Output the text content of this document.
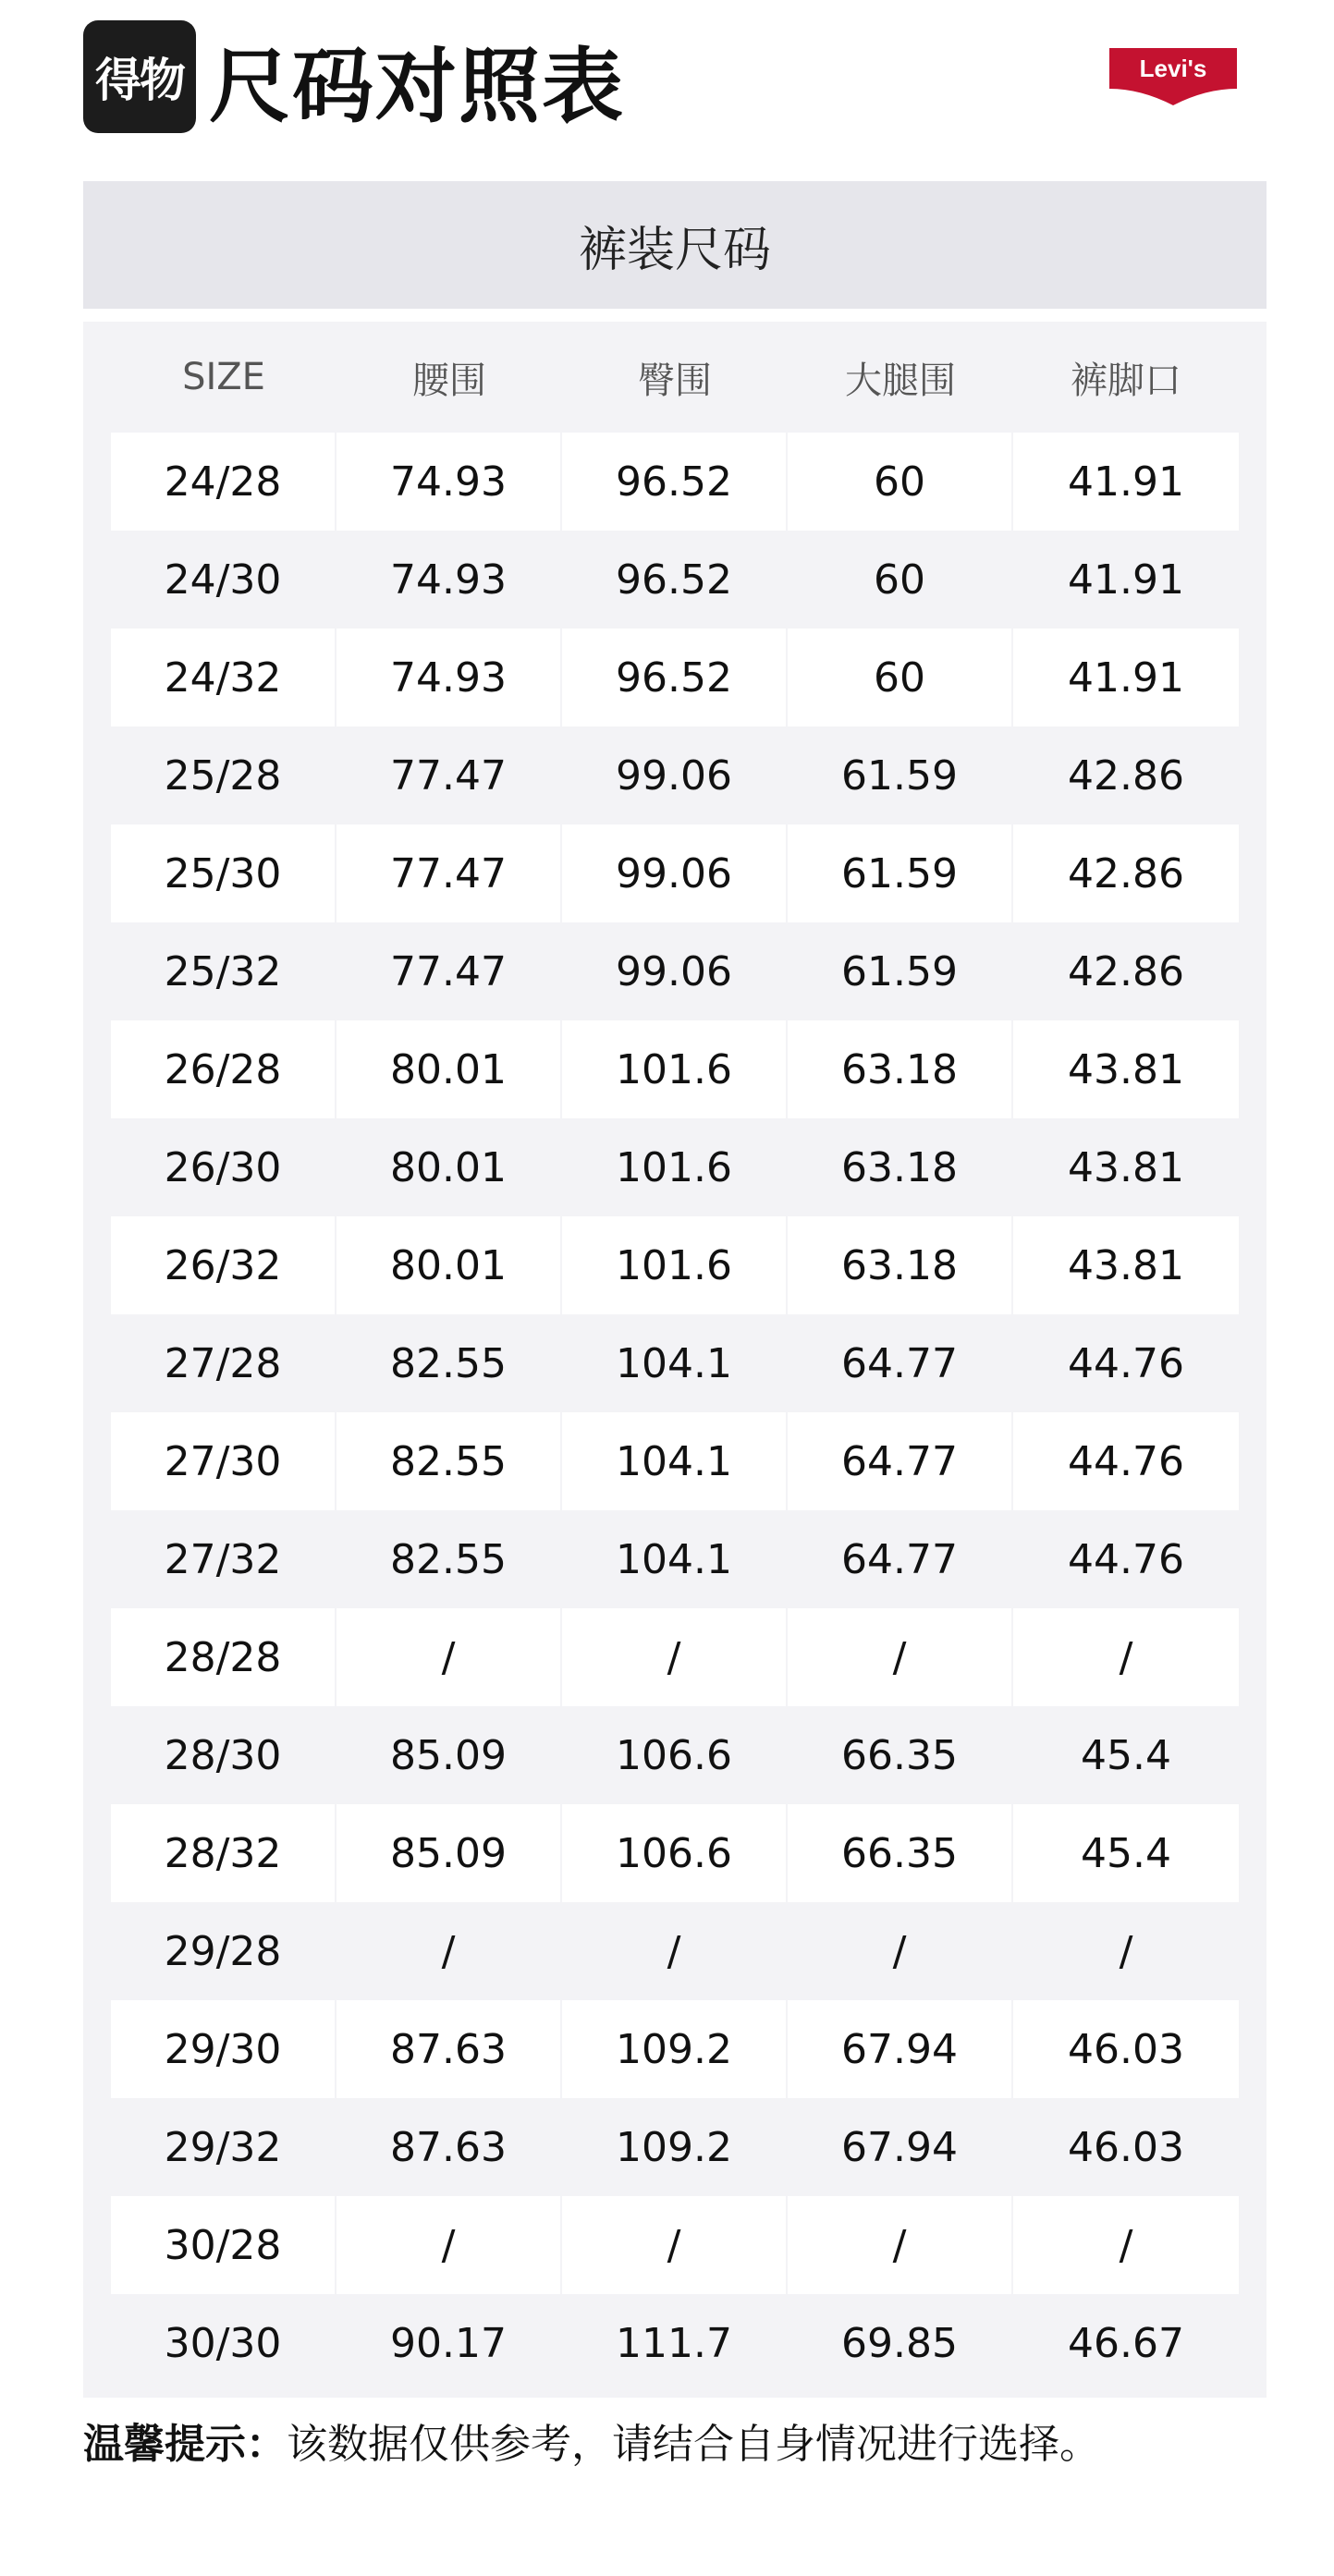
得物 尺码对照表	Levi's
裤装尺码
SIZE	腰围	臀围	大腿围	裤脚口
24/28	74.93	96.52	60	41.91
24/30	74.93	96.52	60	41.91
24/32	74.93	96.52	60	41.91
25/28	77.47	99.06	61.59	42.86
25/30	77.47	99.06	61.59	42.86
25/32	77.47	99.06	61.59	42.86
26/28	80.01	101.6	63.18	43.81
26/30	80.01	101.6	63.18	43.81
26/32	80.01	101.6	63.18	43.81
27/28	82.55	104.1	64.77	44.76
27/30	82.55	104.1	64.77	44.76
27/32	82.55	104.1	64.77	44.76
28/28	/	/	/	/
28/30	85.09	106.6	66.35	45.4
28/32	85.09	106.6	66.35	45.4
29/28	/	/	/	/
29/30	87.63	109.2	67.94	46.03
29/32	87.63	109.2	67.94	46.03
30/28	/	/	/	/
30/30	90.17	111.7	69.85	46.67
温馨提示：该数据仅供参考，请结合自身情况进行选择。
